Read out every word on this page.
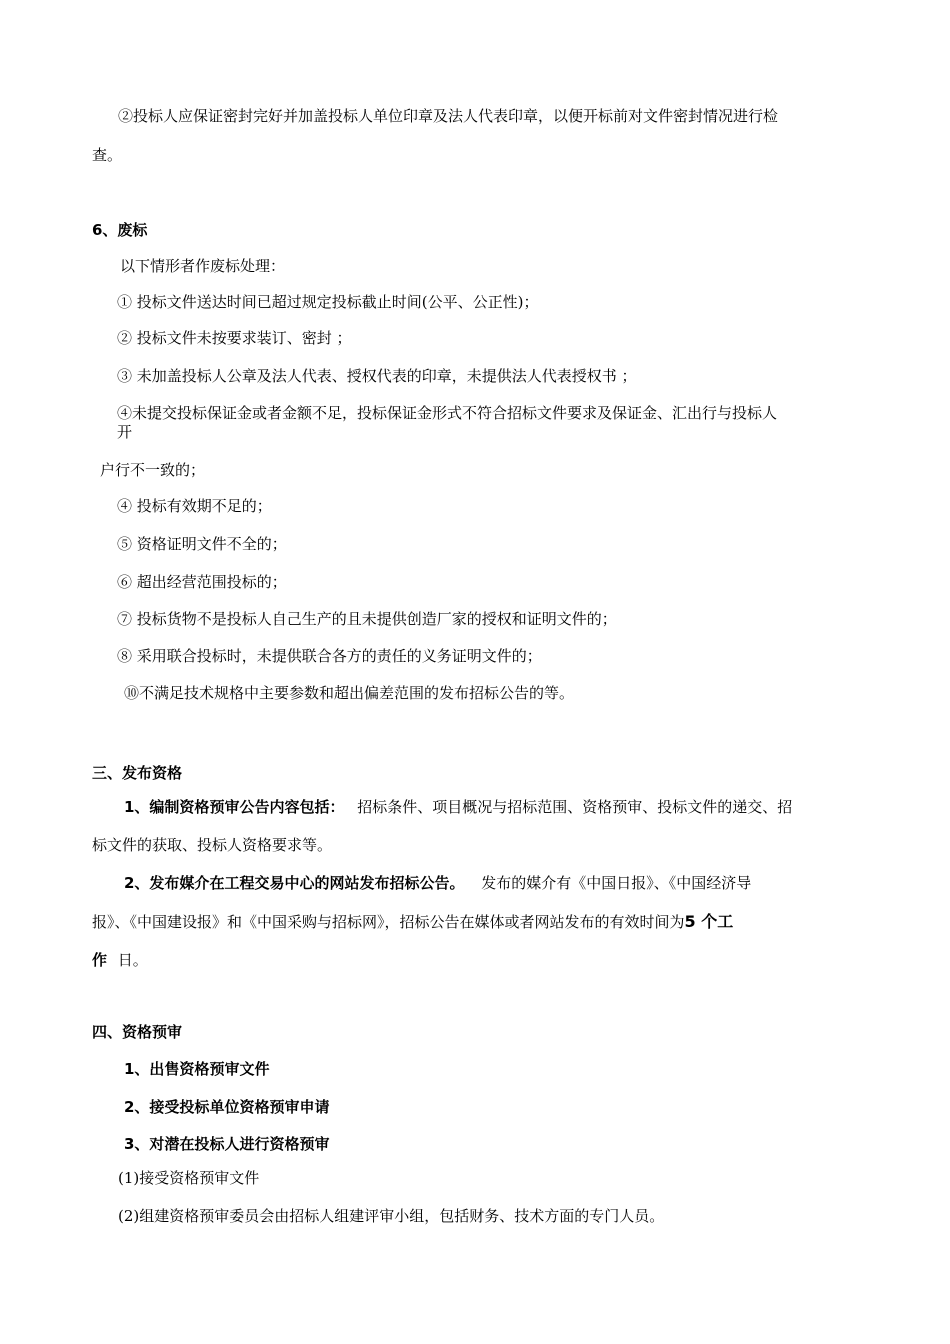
②投标人应保证密封完好并加盖投标人单位印章及法人代表印章，以便开标前对文件密封情况进行检
查。
6、废标
以下情形者作废标处理：
① 投标文件送达时间已超过规定投标截止时间(公平、公正性)；
② 投标文件未按要求装订、密封 ；
③ 未加盖投标人公章及法人代表、授权代表的印章，未提供法人代表授权书 ；
④未提交投标保证金或者金额不足，投标保证金形式不符合招标文件要求及保证金、汇出行与投标人
开
户行不一致的；
④ 投标有效期不足的；
⑤ 资格证明文件不全的；
⑥ 超出经营范围投标的；
⑦ 投标货物不是投标人自己生产的且未提供创造厂家的授权和证明文件的；
⑧ 采用联合投标时，未提供联合各方的责任的义务证明文件的；
⑩不满足技术规格中主要参数和超出偏差范围的发布招标公告的等。
三、发布资格
1、编制资格预审公告内容包括： 招标条件、项目概况与招标范围、资格预审、投标文件的递交、招
标文件的获取、投标人资格要求等。
2、发布媒介在工程交易中心的网站发布招标公告。 发布的媒介有《中国日报》、《中国经济导
报》、《中国建设报》和《中国采购与招标网》，招标公告在媒体或者网站发布的有效时间为5 个工
作 日。
四、资格预审
1、出售资格预审文件
2、接受投标单位资格预审申请
3、对潜在投标人进行资格预审
(1)接受资格预审文件
(2)组建资格预审委员会由招标人组建评审小组，包括财务、技术方面的专门人员。
